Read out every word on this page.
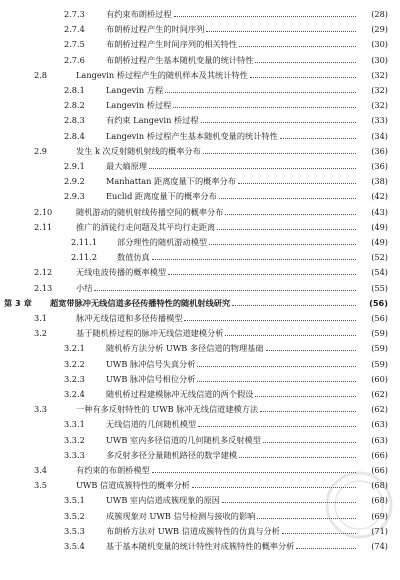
2.7.3	有约束布朗桥过程	(28)
2.7.4	布朗桥过程产生的时间序列	(29)
2.7.5	布朗桥过程产生时间序列的相关特性	(30)
2.7.6	布朗桥过程产生基本随机变量的统计特性	(30)
2.8	Langevin 桥过程产生的随机样本及其统计特性	(32)
2.8.1	Langevin 方程	(32)
2.8.2	Langevin 桥过程	(32)
2.8.3	有约束 Langevin 桥过程	(33)
2.8.4	Langevin 桥过程产生基本随机变量的统计特性	(34)
2.9	发生 k 次反射随机射线的概率分布	(36)
2.9.1	最大熵原理	(36)
2.9.2	Manhattan 距离度量下的概率分布	(38)
2.9.3	Euclid 距离度量下的概率分布	(42)
2.10	随机游动的随机射线传播空间的概率分布	(43)
2.11	推广的酒徒行走问题及其平均行走距离	(49)
2.11.1	部分理性的随机游动模型	(49)
2.11.2	数值仿真	(52)
2.12	无线电波传播的概率模型	(54)
2.13	小结	(55)
第 3 章	超宽带脉冲无线信道多径传播特性的随机射线研究	(56)
3.1	脉冲无线信道和多径传播模型	(56)
3.2	基于随机桥过程的脉冲无线信道建模分析	(59)
3.2.1	随机桥方法分析 UWB 多径信道的物理基础	(59)
3.2.2	UWB 脉冲信号失真分析	(59)
3.2.3	UWB 脉冲信号相位分析	(60)
3.2.4	随机桥过程建模脉冲无线信道的两个假设	(62)
3.3	一种有多反射特性的 UWB 脉冲无线信道建模方法	(62)
3.3.1	无线信道的几何随机模型	(63)
3.3.2	UWB 室内多径信道的几何随机多反射模型	(63)
3.3.3	多反射多径分量随机路径的数学建模	(66)
3.4	有约束的布朗桥模型	(66)
3.5	UWB 信道成簇特性的概率分析	(68)
3.5.1	UWB 室内信道成簇现象的原因	(68)
3.5.2	成簇现象对 UWB 信号检测与接收的影响	(69)
3.5.3	布朗桥方法对 UWB 信道成簇特性的仿真与分析	(71)
3.5.4	基于基本随机变量的统计特性对成簇特性的概率分析	(74)
